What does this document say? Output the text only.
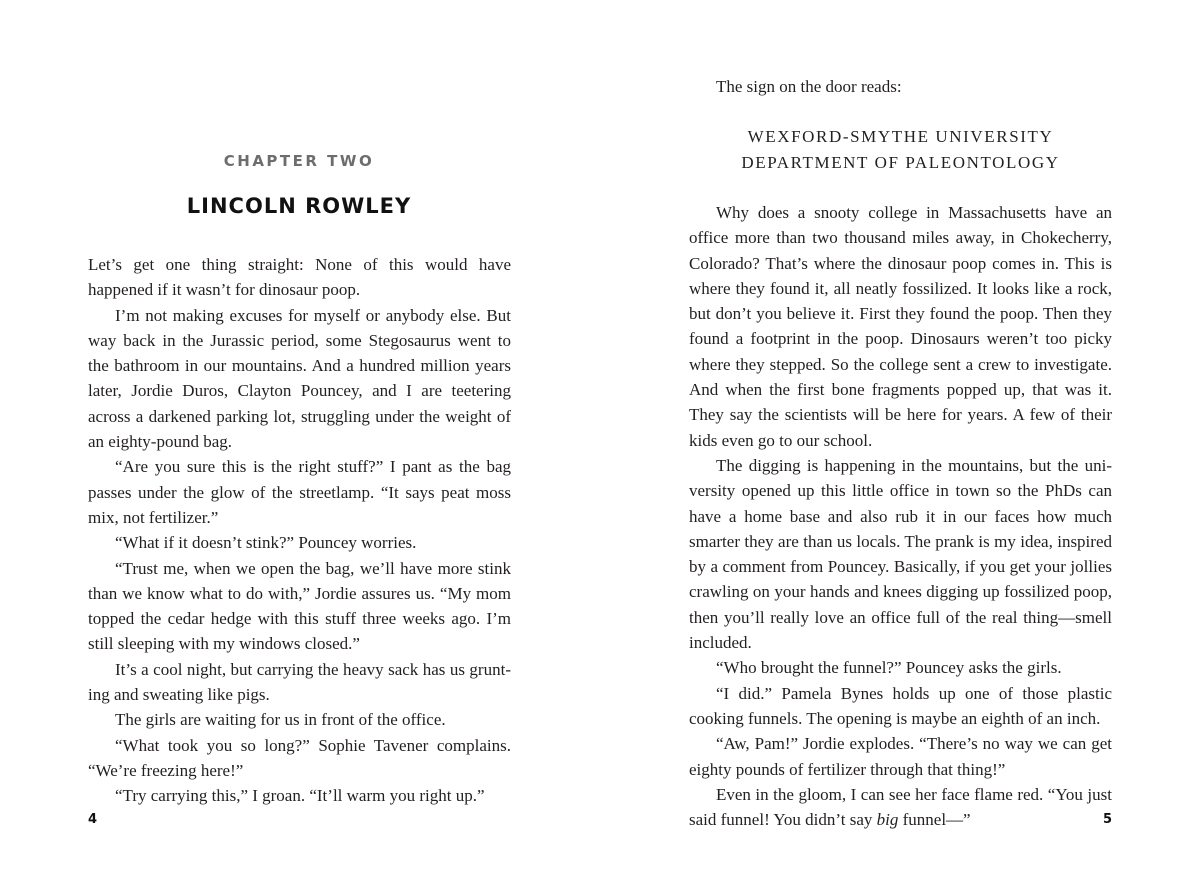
CHAPTER TWO
LINCOLN ROWLEY

Let’s get one thing straight: None of this would have happened if it wasn’t for dinosaur poop.

I’m not making excuses for myself or anybody else. But way back in the Jurassic period, some Stegosaurus went to the bathroom in our mountains. And a hundred million years later, Jordie Duros, Clayton Pouncey, and I are teetering across a darkened parking lot, struggling under the weight of an eighty-pound bag.

“Are you sure this is the right stuff?” I pant as the bag passes under the glow of the streetlamp. “It says peat moss mix, not fertilizer.”

“What if it doesn’t stink?” Pouncey worries.

“Trust me, when we open the bag, we’ll have more stink than we know what to do with,” Jordie assures us. “My mom topped the cedar hedge with this stuff three weeks ago. I’m still sleeping with my windows closed.”

It’s a cool night, but carrying the heavy sack has us grunting and sweating like pigs.

The girls are waiting for us in front of the office.

“What took you so long?” Sophie Tavener complains. “We’re freezing here!”

“Try carrying this,” I groan. “It’ll warm you right up.”

4

The sign on the door reads:

WEXFORD-SMYTHE UNIVERSITY
DEPARTMENT OF PALEONTOLOGY

Why does a snooty college in Massachusetts have an office more than two thousand miles away, in Chokecherry, Colorado? That’s where the dinosaur poop comes in. This is where they found it, all neatly fossilized. It looks like a rock, but don’t you believe it. First they found the poop. Then they found a footprint in the poop. Dinosaurs weren’t too picky where they stepped. So the college sent a crew to investigate. And when the first bone fragments popped up, that was it. They say the scientists will be here for years. A few of their kids even go to our school.

The digging is happening in the mountains, but the university opened up this little office in town so the PhDs can have a home base and also rub it in our faces how much smarter they are than us locals. The prank is my idea, inspired by a comment from Pouncey. Basically, if you get your jollies crawling on your hands and knees digging up fossilized poop, then you’ll really love an office full of the real thing—smell included.

“Who brought the funnel?” Pouncey asks the girls.

“I did.” Pamela Bynes holds up one of those plastic cooking funnels. The opening is maybe an eighth of an inch.

“Aw, Pam!” Jordie explodes. “There’s no way we can get eighty pounds of fertilizer through that thing!”

Even in the gloom, I can see her face flame red. “You just said funnel! You didn’t say big funnel—”	5
